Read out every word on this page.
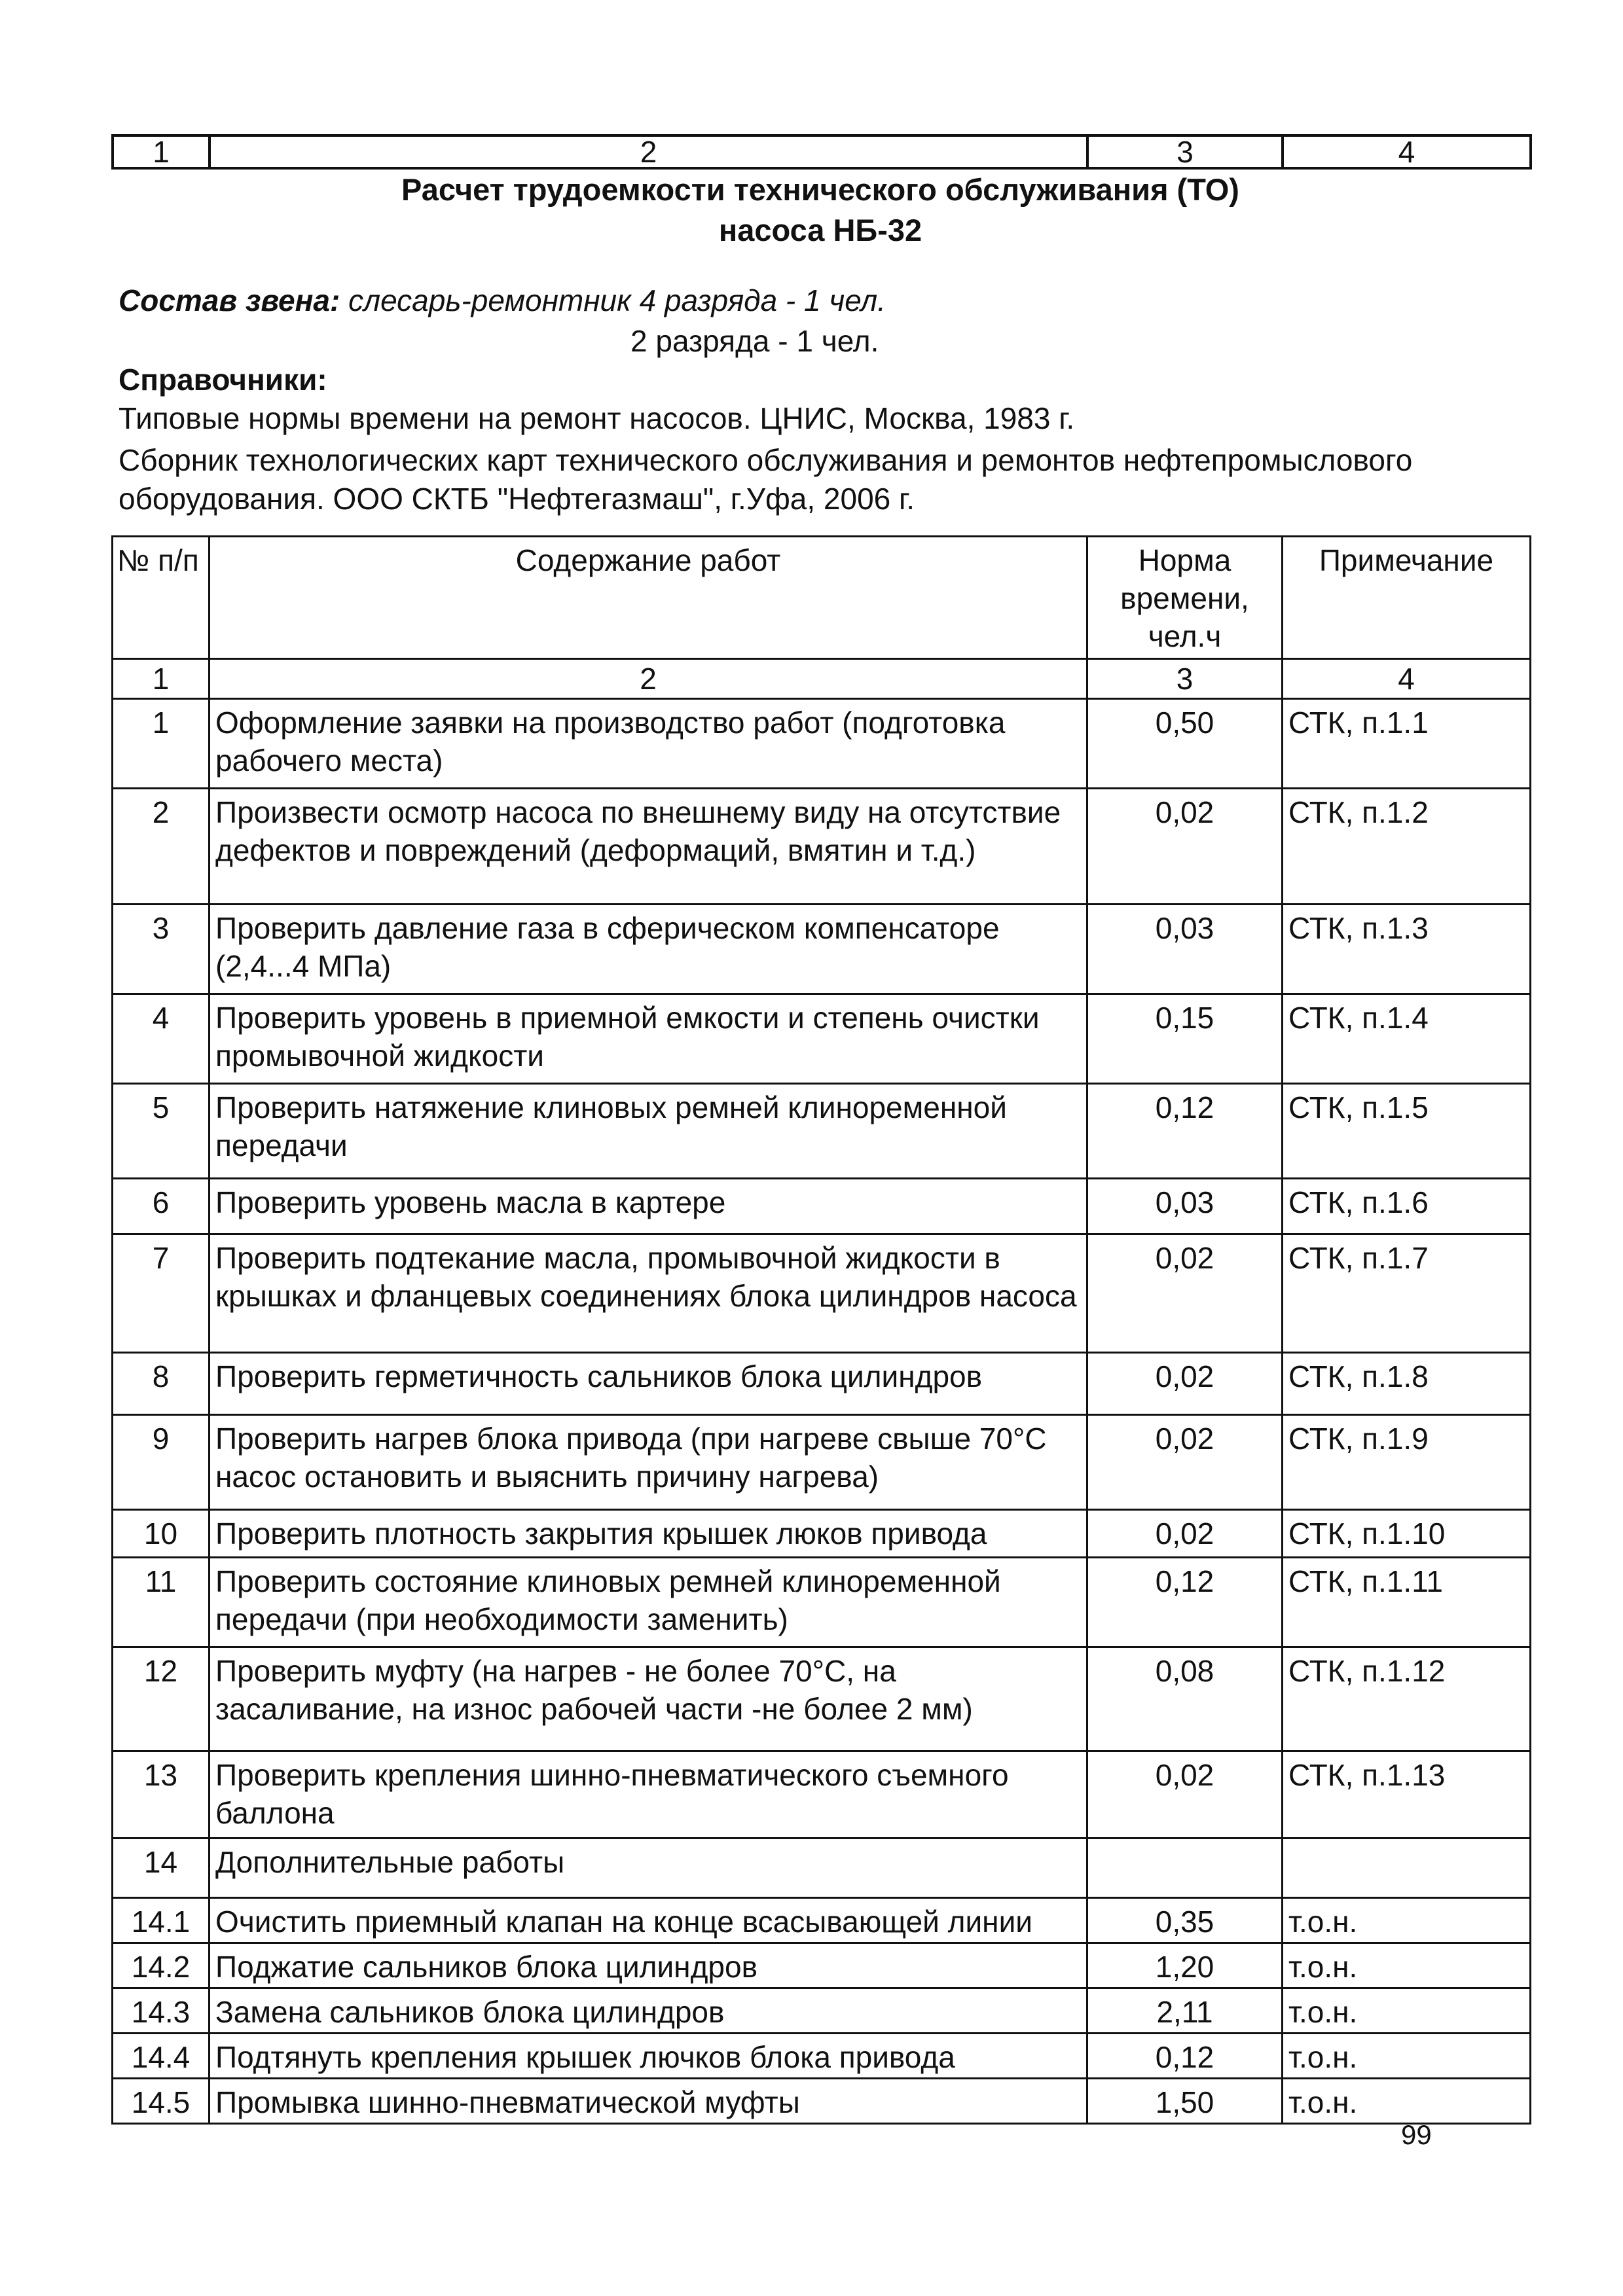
1	2	3	4
Расчет трудоемкости технического обслуживания (ТО)
насоса НБ-32
Состав звена: слесарь-ремонтник 4 разряда - 1 чел.
2 разряда - 1 чел.
Справочники:
Типовые нормы времени на ремонт насосов. ЦНИС, Москва, 1983 г.
Сборник технологических карт технического обслуживания и ремонтов нефтепромыслового
оборудования. ООО СКТБ "Нефтегазмаш", г.Уфа, 2006 г.
№ п/п	Содержание работ	Норма времени, чел.ч	Примечание
1	2	3	4
1	Оформление заявки на производство работ (подготовка рабочего места)	0,50	СТК, п.1.1
2	Произвести осмотр насоса по внешнему виду на отсутствие дефектов и повреждений (деформаций, вмятин и т.д.)	0,02	СТК, п.1.2
3	Проверить давление газа в сферическом компенсаторе (2,4...4 МПа)	0,03	СТК, п.1.3
4	Проверить уровень в приемной емкости и степень очистки промывочной жидкости	0,15	СТК, п.1.4
5	Проверить натяжение клиновых ремней клиноременной передачи	0,12	СТК, п.1.5
6	Проверить уровень масла в картере	0,03	СТК, п.1.6
7	Проверить подтекание масла, промывочной жидкости в крышках и фланцевых соединениях блока цилиндров насоса	0,02	СТК, п.1.7
8	Проверить герметичность сальников блока цилиндров	0,02	СТК, п.1.8
9	Проверить нагрев блока привода (при нагреве свыше 70°С насос остановить и выяснить причину нагрева)	0,02	СТК, п.1.9
10	Проверить плотность закрытия крышек люков привода	0,02	СТК, п.1.10
11	Проверить состояние клиновых ремней клиноременной передачи (при необходимости заменить)	0,12	СТК, п.1.11
12	Проверить муфту (на нагрев - не более 70°С, на засаливание, на износ рабочей части -не более 2 мм)	0,08	СТК, п.1.12
13	Проверить крепления шинно-пневматического съемного баллона	0,02	СТК, п.1.13
14	Дополнительные работы		
14.1	Очистить приемный клапан на конце всасывающей линии	0,35	т.о.н.
14.2	Поджатие сальников блока цилиндров	1,20	т.о.н.
14.3	Замена сальников блока цилиндров	2,11	т.о.н.
14.4	Подтянуть крепления крышек лючков блока привода	0,12	т.о.н.
14.5	Промывка шинно-пневматической муфты	1,50	т.о.н.
99
